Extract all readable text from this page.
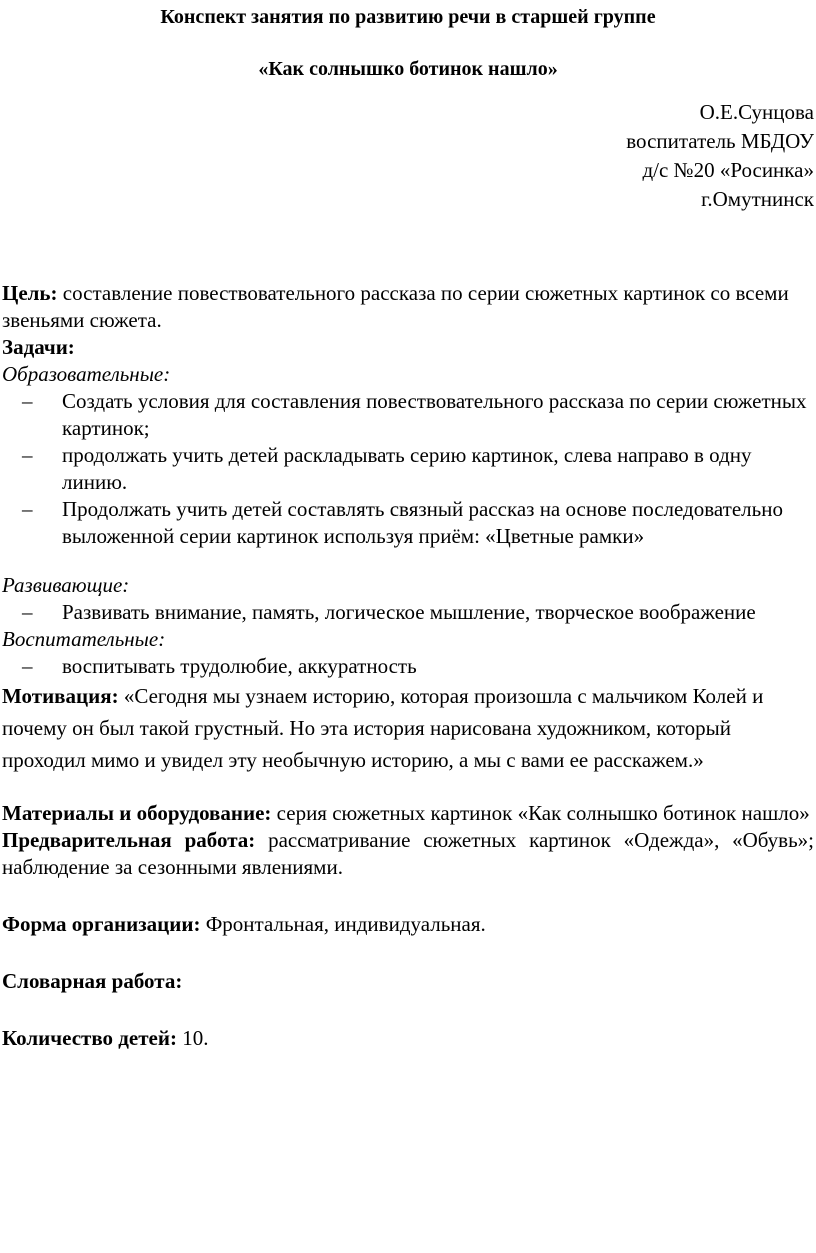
Конспект занятия по развитию речи в старшей группе
«Как солнышко ботинок нашло»
О.Е.Сунцова
воспитатель МБДОУ
д/с №20 «Росинка»
г.Омутнинск

Цель: составление повествовательного рассказа по серии сюжетных картинок со всеми звеньями сюжета.

Задачи:

Образовательные:

– Создать условия для составления повествовательного рассказа по серии сюжетных картинок;
– продолжать учить детей раскладывать серию картинок, слева направо в одну линию.
– Продолжать учить детей составлять связный рассказ на основе последовательно выложенной серии картинок используя приём: «Цветные рамки»

Развивающие:

– Развивать внимание, память, логическое мышление, творческое воображение

Воспитательные:

– воспитывать трудолюбие, аккуратность

Мотивация: «Сегодня мы узнаем историю, которая произошла с мальчиком Колей и почему он был такой грустный. Но эта история нарисована художником, который проходил мимо и увидел эту необычную историю, а мы с вами ее расскажем.»

Материалы и оборудование: серия сюжетных картинок «Как солнышко ботинок нашло»

Предварительная работа: рассматривание сюжетных картинок «Одежда», «Обувь»; наблюдение за сезонными явлениями.

Форма организации: Фронтальная, индивидуальная.

Словарная работа:

Количество детей: 10.
